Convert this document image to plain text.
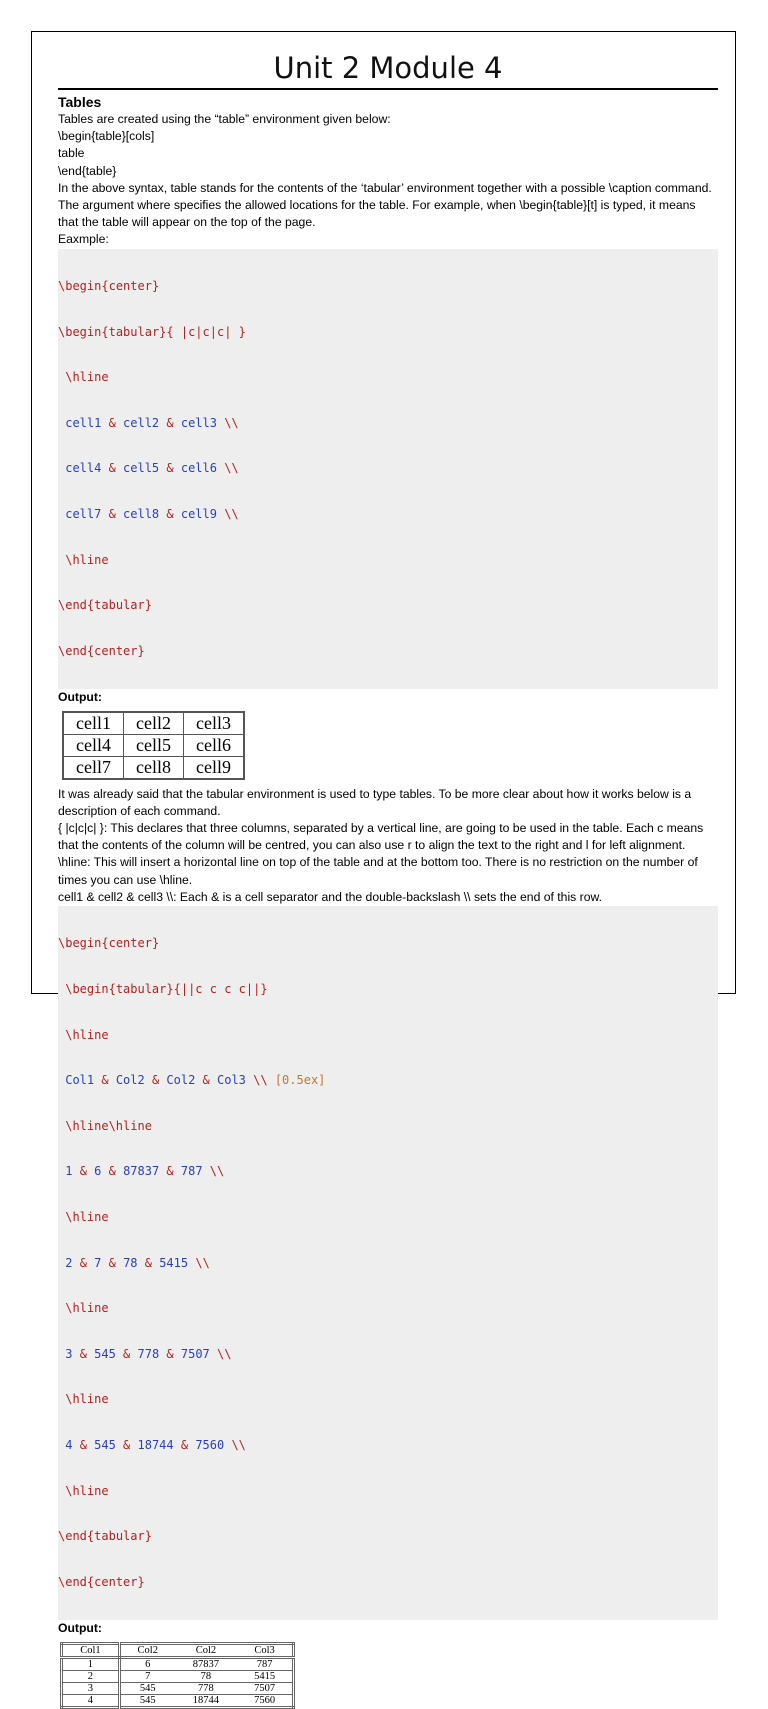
Unit 2 Module 4

Tables

Tables are created using the “table” environment given below:

\begin{table}[cols]

table

\end{table}

In the above syntax, table stands for the contents of the ‘tabular’ environment together with a possible \caption command. The argument where specifies the allowed locations for the table. For example, when \begin{table}[t] is typed, it means that the table will appear on the top of the page.

Eaxmple:

\begin{center}

\begin{tabular}{ |c|c|c| }

\hline

cell1 & cell2 & cell3 \\

cell4 & cell5 & cell6 \\

cell7 & cell8 & cell9 \\

\hline

\end{tabular}

\end{center}

Output:

cell1	cell2	cell3
cell4	cell5	cell6
cell7	cell8	cell9

It was already said that the tabular environment is used to type tables. To be more clear about how it works below is a description of each command.

{ |c|c|c| }: This declares that three columns, separated by a vertical line, are going to be used in the table. Each c means that the contents of the column will be centred, you can also use r to align the text to the right and l for left alignment.

\hline: This will insert a horizontal line on top of the table and at the bottom too. There is no restriction on the number of times you can use \hline.

cell1 & cell2 & cell3 \\: Each & is a cell separator and the double-backslash \\ sets the end of this row.

\begin{center}

\begin{tabular}{||c c c c||}

\hline

Col1 & Col2 & Col2 & Col3 \\ [0.5ex]

\hline\hline

1 & 6 & 87837 & 787 \\

\hline

2 & 7 & 78 & 5415 \\

\hline

3 & 545 & 778 & 7507 \\

\hline

4 & 545 & 18744 & 7560 \\

\hline

\end{tabular}

\end{center}

Output:

Col1	Col2	Col2	Col3
1	6	87837	787
2	7	78	5415
3	545	778	7507
4	545	18744	7560
